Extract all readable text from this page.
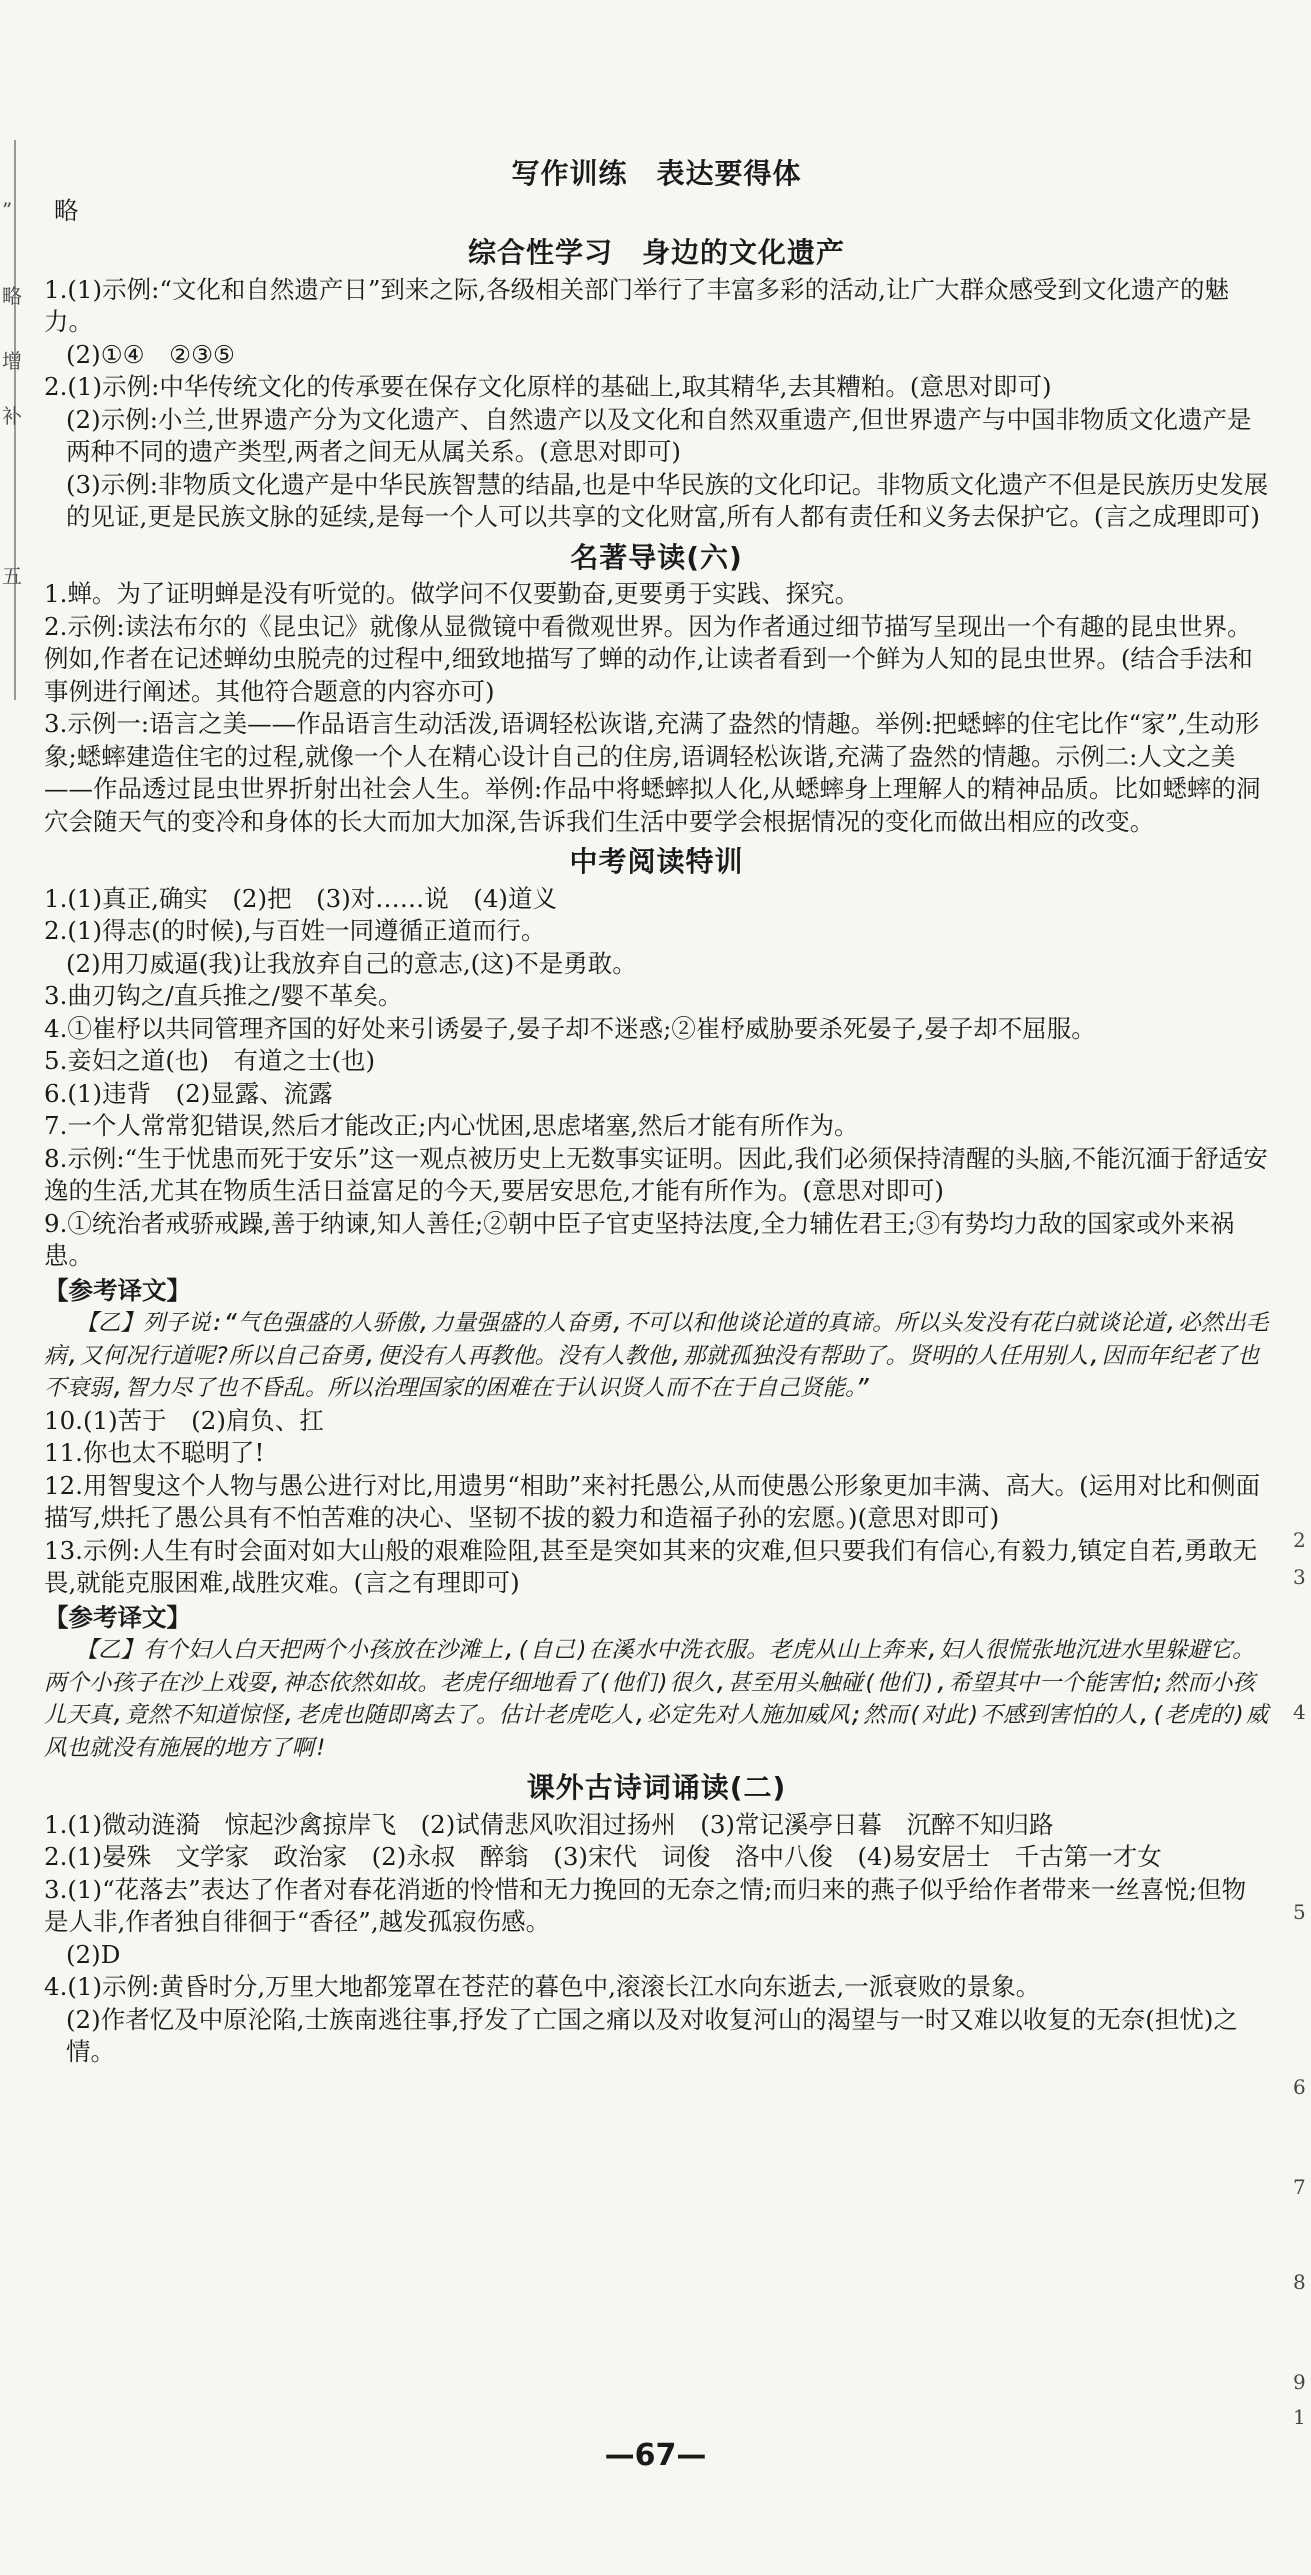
”
略
增
补
五
2
3
4
5
6
7
8
9
1
写作训练　表达要得体

略

综合性学习　身边的文化遗产

1.(1)示例:“文化和自然遗产日”到来之际,各级相关部门举行了丰富多彩的活动,让广大群众感受到文化遗产的魅力。

(2)①④　②③⑤

2.(1)示例:中华传统文化的传承要在保存文化原样的基础上,取其精华,去其糟粕。(意思对即可)

(2)示例:小兰,世界遗产分为文化遗产、自然遗产以及文化和自然双重遗产,但世界遗产与中国非物质文化遗产是两种不同的遗产类型,两者之间无从属关系。(意思对即可)

(3)示例:非物质文化遗产是中华民族智慧的结晶,也是中华民族的文化印记。非物质文化遗产不但是民族历史发展的见证,更是民族文脉的延续,是每一个人可以共享的文化财富,所有人都有责任和义务去保护它。(言之成理即可)

名著导读(六)

1.蝉。为了证明蝉是没有听觉的。做学问不仅要勤奋,更要勇于实践、探究。

2.示例:读法布尔的《昆虫记》就像从显微镜中看微观世界。因为作者通过细节描写呈现出一个有趣的昆虫世界。例如,作者在记述蝉幼虫脱壳的过程中,细致地描写了蝉的动作,让读者看到一个鲜为人知的昆虫世界。(结合手法和事例进行阐述。其他符合题意的内容亦可)

3.示例一:语言之美——作品语言生动活泼,语调轻松诙谐,充满了盎然的情趣。举例:把蟋蟀的住宅比作“家”,生动形象;蟋蟀建造住宅的过程,就像一个人在精心设计自己的住房,语调轻松诙谐,充满了盎然的情趣。示例二:人文之美——作品透过昆虫世界折射出社会人生。举例:作品中将蟋蟀拟人化,从蟋蟀身上理解人的精神品质。比如蟋蟀的洞穴会随天气的变冷和身体的长大而加大加深,告诉我们生活中要学会根据情况的变化而做出相应的改变。

中考阅读特训

1.(1)真正,确实　(2)把　(3)对……说　(4)道义

2.(1)得志(的时候),与百姓一同遵循正道而行。

(2)用刀威逼(我)让我放弃自己的意志,(这)不是勇敢。

3.曲刃钩之/直兵推之/婴不革矣。

4.①崔杼以共同管理齐国的好处来引诱晏子,晏子却不迷惑;②崔杼威胁要杀死晏子,晏子却不屈服。

5.妾妇之道(也)　有道之士(也)

6.(1)违背　(2)显露、流露

7.一个人常常犯错误,然后才能改正;内心忧困,思虑堵塞,然后才能有所作为。

8.示例:“生于忧患而死于安乐”这一观点被历史上无数事实证明。因此,我们必须保持清醒的头脑,不能沉湎于舒适安逸的生活,尤其在物质生活日益富足的今天,要居安思危,才能有所作为。(意思对即可)

9.①统治者戒骄戒躁,善于纳谏,知人善任;②朝中臣子官吏坚持法度,全力辅佐君王;③有势均力敌的国家或外来祸患。

【参考译文】

【乙】列子说:“气色强盛的人骄傲,力量强盛的人奋勇,不可以和他谈论道的真谛。所以头发没有花白就谈论道,必然出毛病,又何况行道呢?所以自己奋勇,便没有人再教他。没有人教他,那就孤独没有帮助了。贤明的人任用别人,因而年纪老了也不衰弱,智力尽了也不昏乱。所以治理国家的困难在于认识贤人而不在于自己贤能。”

10.(1)苦于　(2)肩负、扛

11.你也太不聪明了!

12.用智叟这个人物与愚公进行对比,用遗男“相助”来衬托愚公,从而使愚公形象更加丰满、高大。(运用对比和侧面描写,烘托了愚公具有不怕苦难的决心、坚韧不拔的毅力和造福子孙的宏愿。)(意思对即可)

13.示例:人生有时会面对如大山般的艰难险阻,甚至是突如其来的灾难,但只要我们有信心,有毅力,镇定自若,勇敢无畏,就能克服困难,战胜灾难。(言之有理即可)

【参考译文】

【乙】有个妇人白天把两个小孩放在沙滩上,(自己)在溪水中洗衣服。老虎从山上奔来,妇人很慌张地沉进水里躲避它。两个小孩子在沙上戏耍,神态依然如故。老虎仔细地看了(他们)很久,甚至用头触碰(他们),希望其中一个能害怕;然而小孩儿天真,竟然不知道惊怪,老虎也随即离去了。估计老虎吃人,必定先对人施加威风;然而(对此)不感到害怕的人,(老虎的)威风也就没有施展的地方了啊!

课外古诗词诵读(二)

1.(1)微动涟漪　惊起沙禽掠岸飞　(2)试倩悲风吹泪过扬州　(3)常记溪亭日暮　沉醉不知归路

2.(1)晏殊　文学家　政治家　(2)永叔　醉翁　(3)宋代　词俊　洛中八俊　(4)易安居士　千古第一才女

3.(1)“花落去”表达了作者对春花消逝的怜惜和无力挽回的无奈之情;而归来的燕子似乎给作者带来一丝喜悦;但物是人非,作者独自徘徊于“香径”,越发孤寂伤感。

(2)D

4.(1)示例:黄昏时分,万里大地都笼罩在苍茫的暮色中,滚滚长江水向东逝去,一派衰败的景象。

(2)作者忆及中原沦陷,士族南逃往事,抒发了亡国之痛以及对收复河山的渴望与一时又难以收复的无奈(担忧)之情。

—67—
